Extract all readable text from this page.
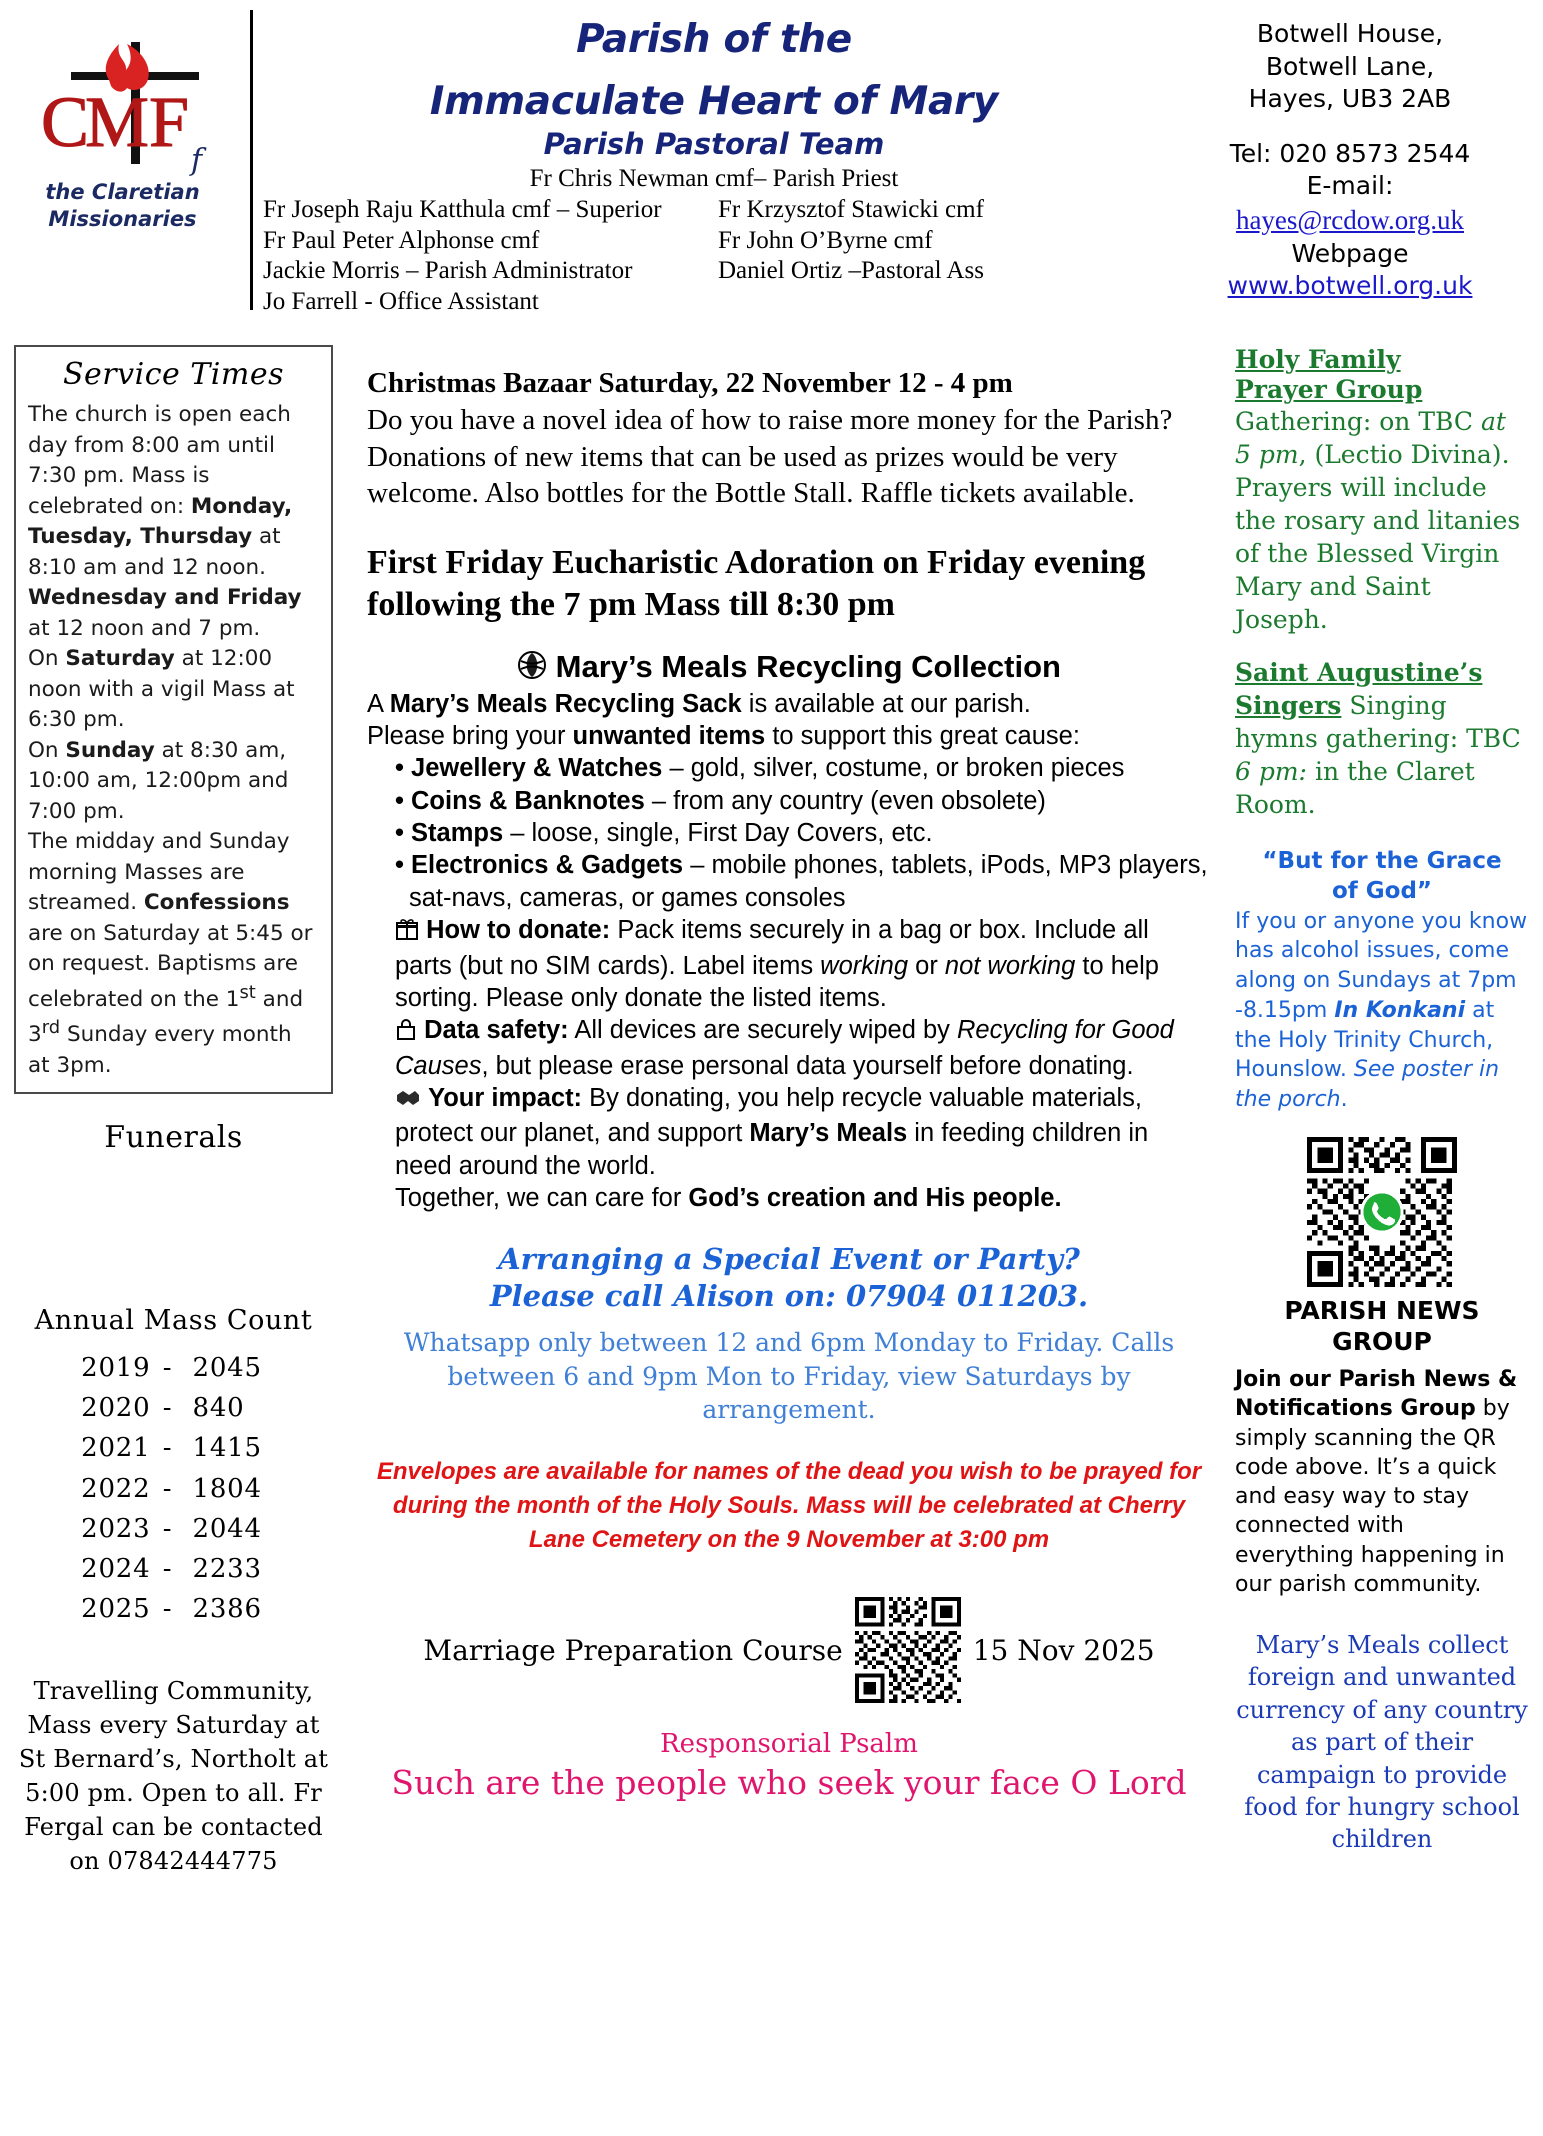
C
M F f
the Claretian
Missionaries
Parish of the
Immaculate Heart of Mary
Parish Pastoral Team
Fr Chris Newman cmf– Parish Priest
Fr Joseph Raju Katthula cmf – Superior
Fr Paul Peter Alphonse cmf
Jackie Morris – Parish Administrator
Jo Farrell - Office Assistant
Fr Krzysztof Stawicki cmf
Fr John O’Byrne cmf
Daniel Ortiz –Pastoral Ass
Botwell House,
Botwell Lane,
Hayes, UB3 2AB
Tel: 020 8573 2544
E-mail:
hayes@rcdow.org.uk
Webpage
www.botwell.org.uk
Service Times
The church is open each day from 8:00 am until 7:30 pm. Mass is celebrated on: Monday, Tuesday, Thursday at 8:10 am and 12 noon. Wednesday and Friday at 12 noon and 7 pm.
On Saturday at 12:00 noon with a vigil Mass at 6:30 pm.
On Sunday at 8:30 am, 10:00 am, 12:00pm and 7:00 pm.
The midday and Sunday morning Masses are streamed. Confessions are on Saturday at 5:45 or on request. Baptisms are celebrated on the 1st and 3rd Sunday every month at 3pm.
Funerals
Annual Mass Count
2019 - 2045
2020 - 840
2021 - 1415
2022 - 1804
2023 - 2044
2024 - 2233
2025 - 2386
Travelling Community, Mass every Saturday at St Bernard’s, Northolt at 5:00 pm. Open to all. Fr Fergal can be contacted on 07842444775
Christmas Bazaar Saturday, 22 November 12 - 4 pm
Do you have a novel idea of how to raise more money for the Parish? Donations of new items that can be used as prizes would be very welcome. Also bottles for the Bottle Stall. Raffle tickets available.
First Friday Eucharistic Adoration on Friday evening following the 7 pm Mass till 8:30 pm
Mary’s Meals Recycling Collection
A Mary’s Meals Recycling Sack is available at our parish.
Please bring your unwanted items to support this great cause:
• Jewellery & Watches – gold, silver, costume, or broken pieces
• Coins & Banknotes – from any country (even obsolete)
• Stamps – loose, single, First Day Covers, etc.
• Electronics & Gadgets – mobile phones, tablets, iPods, MP3 players, sat-navs, cameras, or games consoles
How to donate: Pack items securely in a bag or box. Include all parts (but no SIM cards). Label items working or not working to help sorting. Please only donate the listed items.
Data safety: All devices are securely wiped by Recycling for Good Causes, but please erase personal data yourself before donating.
Your impact: By donating, you help recycle valuable materials, protect our planet, and support Mary’s Meals in feeding children in need around the world.
Together, we can care for God’s creation and His people.
Arranging a Special Event or Party?
Please call Alison on: 07904 011203.
Whatsapp only between 12 and 6pm Monday to Friday. Calls between 6 and 9pm Mon to Friday, view Saturdays by arrangement.
Envelopes are available for names of the dead you wish to be prayed for during the month of the Holy Souls. Mass will be celebrated at Cherry Lane Cemetery on the 9 November at 3:00 pm
Marriage Preparation Course	15 Nov 2025
Responsorial Psalm
Such are the people who seek your face O Lord
Holy Family
Prayer Group
Gathering: on TBC at 5 pm, (Lectio Divina). Prayers will include the rosary and litanies of the Blessed Virgin Mary and Saint Joseph.
Saint Augustine’s Singers Singing hymns gathering: TBC 6 pm: in the Claret Room.
“But for the Grace
of God”
If you or anyone you know has alcohol issues, come along on Sundays at 7pm -8.15pm In Konkani at the Holy Trinity Church, Hounslow. See poster in the porch.
PARISH NEWS
GROUP
Join our Parish News & Notifications Group by simply scanning the QR code above. It’s a quick and easy way to stay connected with everything happening in our parish community.
Mary’s Meals collect foreign and unwanted currency of any country as part of their campaign to provide food for hungry school children
